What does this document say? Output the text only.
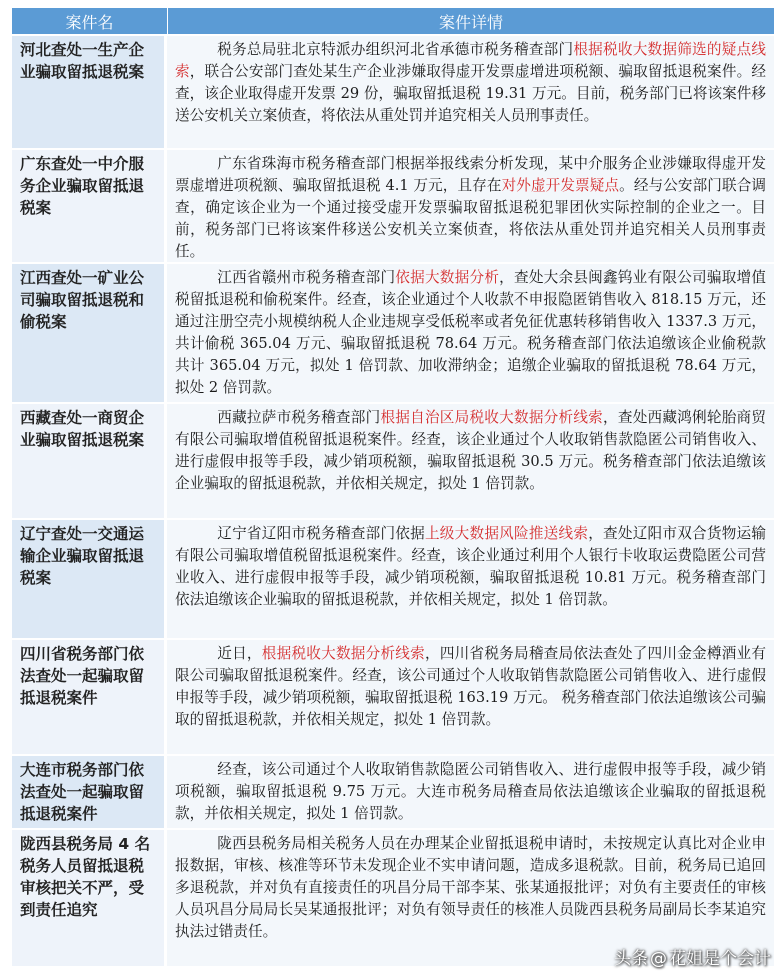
案件名	案件详情
河北查处一生产企
业骗取留抵退税案
税务总局驻北京特派办组织河北省承德市税务稽查部门根据税收大数据筛选的疑点线索，联合公安部门查处某生产企业涉嫌取得虚开发票虚增进项税额、骗取留抵退税案件。经查，该企业取得虚开发票 29 份，骗取留抵退税 19.31 万元。目前，税务部门已将该案件移送公安机关立案侦查，将依法从重处罚并追究相关人员刑事责任。
广东查处一中介服
务企业骗取留抵退
税案
广东省珠海市税务稽查部门根据举报线索分析发现，某中介服务企业涉嫌取得虚开发票虚增进项税额、骗取留抵退税 4.1 万元，且存在对外虚开发票疑点。经与公安部门联合调查，确定该企业为一个通过接受虚开发票骗取留抵退税犯罪团伙实际控制的企业之一。目前，税务部门已将该案件移送公安机关立案侦查，将依法从重处罚并追究相关人员刑事责任。
江西查处一矿业公
司骗取留抵退税和
偷税案
江西省赣州市税务稽查部门依据大数据分析，查处大余县闽鑫钨业有限公司骗取增值税留抵退税和偷税案件。经查，该企业通过个人收款不申报隐匿销售收入 818.15 万元，还通过注册空壳小规模纳税人企业违规享受低税率或者免征优惠转移销售收入 1337.3 万元，共计偷税 365.04 万元、骗取留抵退税 78.64 万元。税务稽查部门依法追缴该企业偷税款共计 365.04 万元，拟处 1 倍罚款、加收滞纳金；追缴企业骗取的留抵退税 78.64 万元，拟处 2 倍罚款。
西藏查处一商贸企
业骗取留抵退税案
西藏拉萨市税务稽查部门根据自治区局税收大数据分析线索，查处西藏鸿俐轮胎商贸有限公司骗取增值税留抵退税案件。经查，该企业通过个人收取销售款隐匿公司销售收入、进行虚假申报等手段，减少销项税额，骗取留抵退税 30.5 万元。税务稽查部门依法追缴该企业骗取的留抵退税款，并依相关规定，拟处 1 倍罚款。
辽宁查处一交通运
输企业骗取留抵退
税案
辽宁省辽阳市税务稽查部门依据上级大数据风险推送线索，查处辽阳市双合货物运输有限公司骗取增值税留抵退税案件。经查，该企业通过利用个人银行卡收取运费隐匿公司营业收入、进行虚假申报等手段，减少销项税额，骗取留抵退税 10.81 万元。税务稽查部门依法追缴该企业骗取的留抵退税款，并依相关规定，拟处 1 倍罚款。
四川省税务部门依
法查处一起骗取留
抵退税案件
近日，根据税收大数据分析线索，四川省税务局稽查局依法查处了四川金金樽酒业有限公司骗取留抵退税案件。经查，该公司通过个人收取销售款隐匿公司销售收入、进行虚假申报等手段，减少销项税额，骗取留抵退税 163.19 万元。 税务稽查部门依法追缴该公司骗取的留抵退税款，并依相关规定，拟处 1 倍罚款。
大连市税务部门依
法查处一起骗取留
抵退税案件
经查，该公司通过个人收取销售款隐匿公司销售收入、进行虚假申报等手段，减少销项税额，骗取留抵退税 9.75 万元。大连市税务局稽查局依法追缴该企业骗取的留抵退税款，并依相关规定，拟处 1 倍罚款。
陇西县税务局 4 名
税务人员留抵退税
审核把关不严，受
到责任追究
陇西县税务局相关税务人员在办理某企业留抵退税申请时，未按规定认真比对企业申报数据，审核、核准等环节未发现企业不实申请问题，造成多退税款。目前，税务局已追回多退税款，并对负有直接责任的巩昌分局干部李某、张某通报批评；对负有主要责任的审核人员巩昌分局局长吴某通报批评；对负有领导责任的核准人员陇西县税务局副局长李某追究执法过错责任。
头条 @ 花姐是个会计
